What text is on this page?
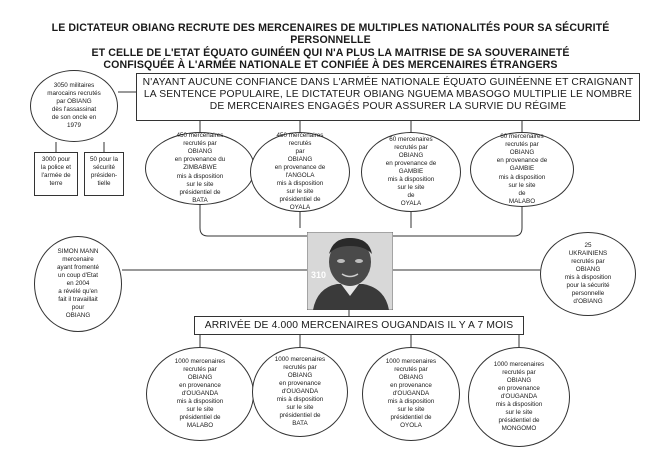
LE DICTATEUR OBIANG RECRUTE DES MERCENAIRES DE MULTIPLES NATIONALITÉS POUR SA SÉCURITÉ PERSONNELLE
ET CELLE DE L'ETAT ÉQUATO GUINÉEN QUI N'A PLUS LA MAITRISE DE SA SOUVERAINETÉ
CONFISQUÉE À L'ARMÉE NATIONALE ET CONFIÉE À DES MERCENAIRES ÉTRANGERS
3050 militaires
marocains recrutés
par OBIANG
dès l'assassinat
de son oncle en
1979
3000 pour
la police et
l'armée de
terre
50 pour la
sécurité
présiden-
tielle
N'AYANT AUCUNE CONFIANCE DANS L'ARMÉE NATIONALE ÉQUATO GUINÉENNE ET CRAIGNANT
LA SENTENCE POPULAIRE, LE DICTATEUR OBIANG NGUEMA MBASOGO MULTIPLIE LE NOMBRE
DE MERCENAIRES ENGAGÉS POUR ASSURER LA SURVIE DU RÉGIME
450 mercenaires
recrutés par
OBIANG
en provenance du
ZIMBABWE
mis à disposition
sur le site
présidentiel de
BATA
450 mercenaires
recrutés
par
OBIANG
en provenance de
l'ANGOLA
mis à disposition
sur le site
présidentiel de
OYALA
60 mercenaires
recrutés par
OBIANG
en provenance de
GAMBIE
mis à disposition
sur le site
de
OYALA
60 mercenaires
recrutés par
OBIANG
en provenance de
GAMBIE
mis à disposition
sur le site
de
MALABO
SIMON MANN
mercenaire
ayant fromenté
un coup d'Etat
en 2004
a révélé qu'en
fait il travaillait
pour
OBIANG
25
UKRAINIENS
recrutés par
OBIANG
mis à disposition
pour la sécurité
personnelle
d'OBIANG
310
ARRIVÉE DE 4.000 MERCENAIRES OUGANDAIS IL Y A 7 MOIS
1000 mercenaires
recrutés par
OBIANG
en provenance
d'OUGANDA
mis à disposition
sur le site
présidentiel de
MALABO
1000 mercenaires
recrutés par
OBIANG
en provenance
d'OUGANDA
mis à disposition
sur le site
présidentiel de
BATA
1000 mercenaires
recrutés par
OBIANG
en provenance
d'OUGANDA
mis à disposition
sur le site
présidentiel de
OYOLA
1000 mercenaires
recrutés par
OBIANG
en provenance
d'OUGANDA
mis à disposition
sur le site
présidentiel de
MONGOMO
